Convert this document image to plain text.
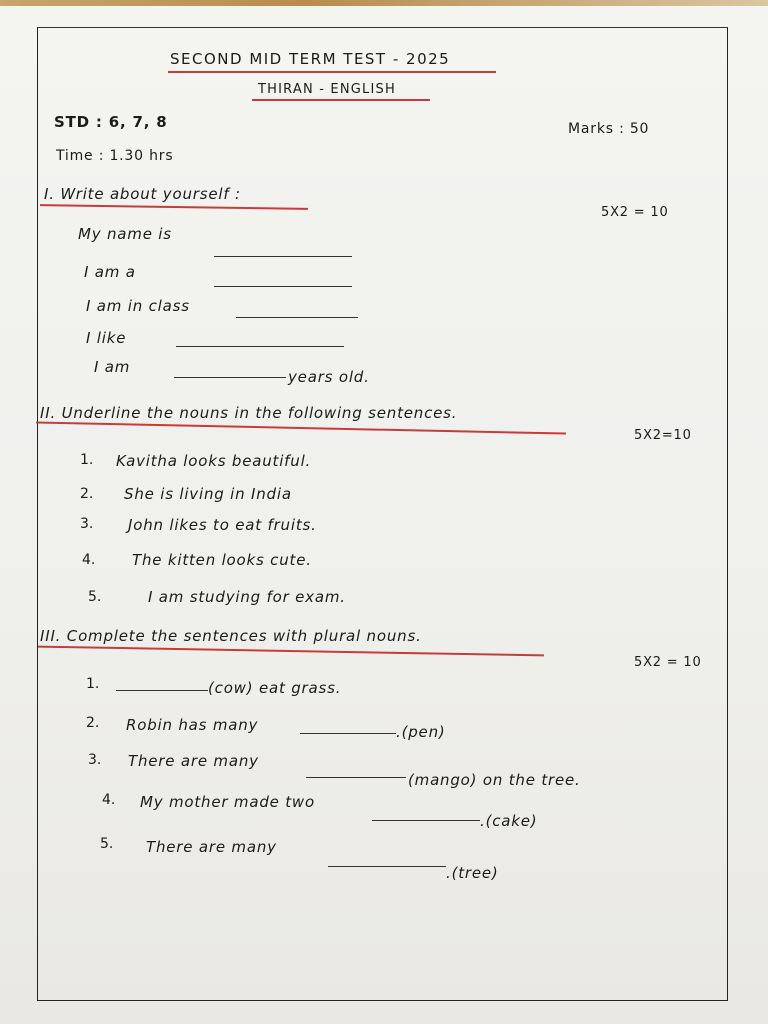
SECOND MID TERM TEST - 2025
THIRAN - ENGLISH
STD : 6, 7, 8	Marks : 50
Time : 1.30 hrs
I. Write about yourself :
5X2 = 10
My name is
I am a
I am in class
I like
I am
years old.
II. Underline the nouns in the following sentences.
5X2=10
1. Kavitha looks beautiful.
2. She is living in India
3. John likes to eat fruits.
4. The kitten looks cute.
5.	I am studying for exam.
III. Complete the sentences with plural nouns.
5X2 = 10
1.	(cow) eat grass.
2. Robin has many	.(pen)
3. There are many
(mango) on the tree.
4. My mother made two
.(cake)
5. There are many
.(tree)
